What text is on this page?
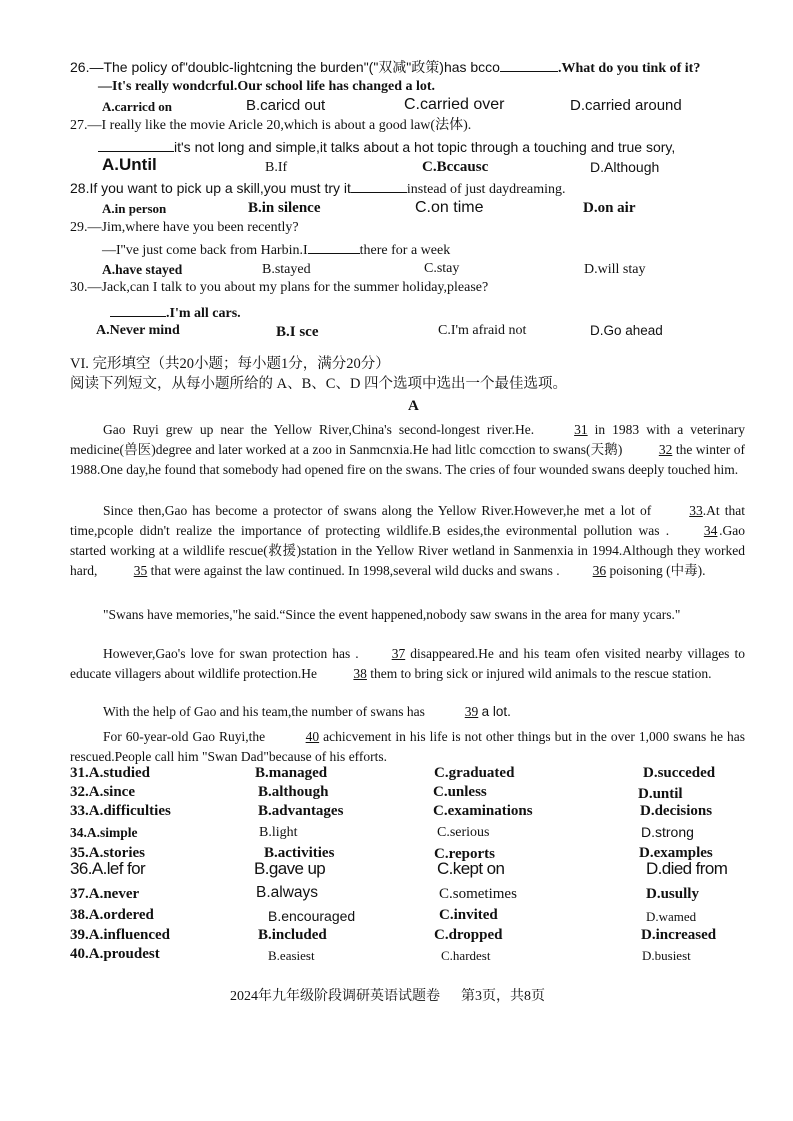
26.—The policy of"doublc-lightcning the burden"("双减"政策)has bcco	.What do you tink of it?
—It's really wondcrful.Our school life has changed a lot.
A.carricd on	B.caricd out	C.carried over	D.carried around
27.—I really like the movie Aricle 20,which is about a good law(法体).
it's not long and simple,it talks about a hot topic through a touching and true sory,
A.Until	B.If	C.Bccausc	D.Although
28.If you want to pick up a skill,you must try it	instead of just daydreaming.
A.in person	B.in silence	C.on time	D.on air
29.—Jim,where have you been recently?
—I''ve just come back from Harbin.I	there for a week
A.have stayed	B.stayed	C.stay	D.will stay
30.—Jack,can I talk to you about my plans for the summer holiday,please?
.I'm all cars.
A.Never mind	B.I sce	C.I'm afraid not	D.Go ahead
VI. 完形填空（共20小题；每小题1分，满分20分）
阅读下列短文，从每小题所给的 A、B、C、D 四个选项中选出一个最佳选项。
A
Gao Ruyi grew up near the Yellow River,China's second-longest river.He.	31 in 1983 with a veterinary medicine(兽医)degree and later worked at a zoo in Sanmcnxia.He had litlc comcction to swans(天鹅)	32 the winter of 1988.One day,he found that somebody had opened fire on the swans. The cries of four wounded swans deeply touched him.
Since then,Gao has become a protector of swans along the Yellow River.However,he met a lot of	33.At that time,pcople didn't realize the importance of protecting wildlife.B esides,the evironmental pollution was .	34 .Gao started working at a wildlife rescue(救援)station in the Yellow River wetland in Sanmenxia in 1994.Although they worked hard,	35 that were against the law continued. In 1998,several wild ducks and swans . 36 poisoning (中毒).
"Swans have memories,"he said.“Since the event happened,nobody saw swans in the area for many ycars."
However,Gao's love for swan protection has . 37 disappeared.He and his team ofen visited nearby villages to educate villagers about wildlife protection.He	38 them to bring sick or injured wild animals to the rescue station.
With the help of Gao and his team,the number of swans has	39 a lot.
For 60-year-old Gao Ruyi,the	40 achicvement in his life is not other things but in the over 1,000 swans he has rescued.People call him "Swan Dad"because of his efforts.
31.A.studied	B.managed	C.graduated	D.succeded
32.A.since	B.although	C.unless	D.until
33.A.difficulties	B.advantages	C.examinations	D.decisions
34.A.simple	B.light	C.serious	D.strong
35.A.stories	B.activities	C.reports	D.examples
36.A.lef for	B.gave up	C.kept on	D.died from
37.A.never	B.always	C.sometimes	D.usully
38.A.ordered	B.encouraged	C.invited	D.wamed
39.A.influenced	B.included	C.dropped	D.increased
40.A.proudest	B.easiest	C.hardest	D.busiest
2024年九年级阶段调研英语试题卷      第3页，共8页
